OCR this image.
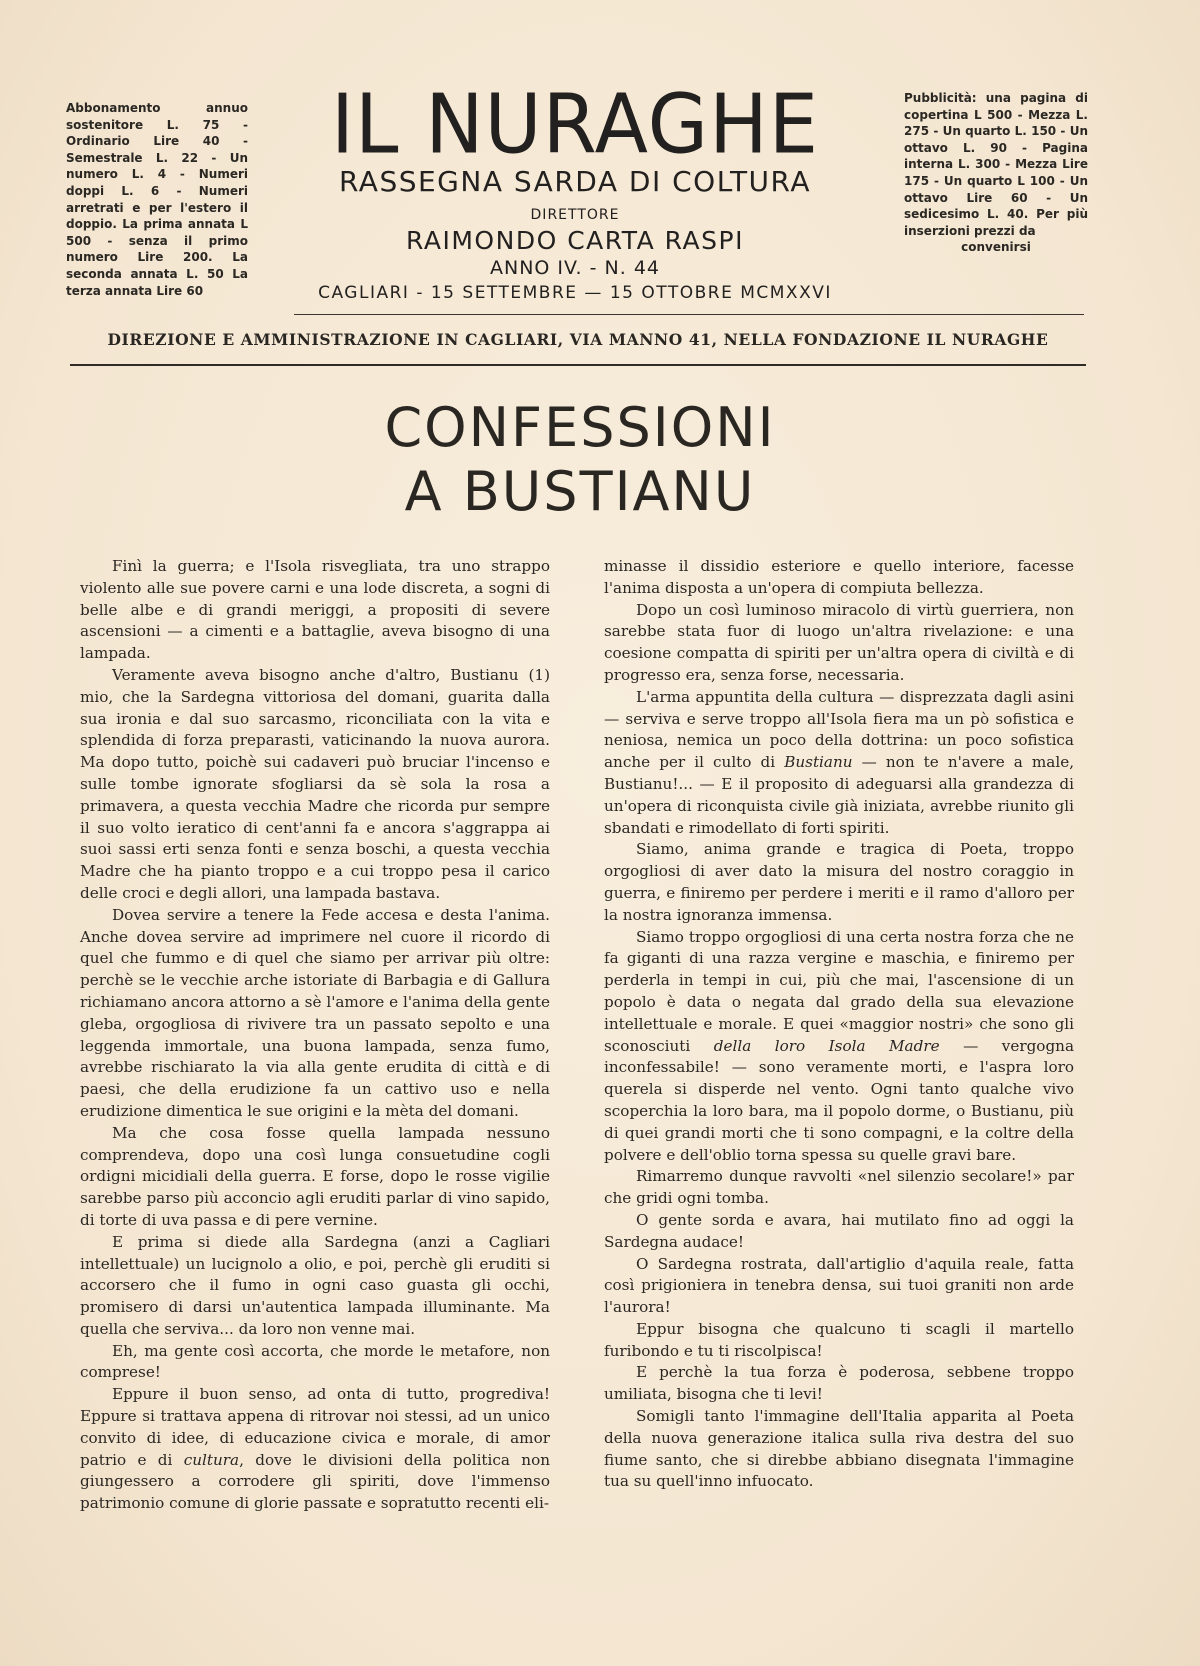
Abbonamento annuo sostenitore L. 75 - Ordinario Lire 40 - Semestrale L. 22 - Un numero L. 4 - Numeri doppi L. 6 - Numeri arretrati e per l'estero il doppio. La prima annata L 500 - senza il primo numero Lire 200. La seconda annata L. 50 La terza annata Lire 60
IL NURAGHE
RASSEGNA SARDA DI COLTURA
DIRETTORE
RAIMONDO CARTA RASPI
ANNO IV. - N. 44
CAGLIARI - 15 SETTEMBRE — 15 OTTOBRE MCMXXVI
Pubblicità: una pagina di copertina L 500 - Mezza L. 275 - Un quarto L. 150 - Un ottavo L. 90 - Pagina interna L. 300 - Mezza Lire 175 - Un quarto L 100 - Un ottavo Lire 60 - Un sedicesimo L. 40. Per più inserzioni prezzi da
convenirsi
DIREZIONE E AMMINISTRAZIONE IN CAGLIARI, VIA MANNO 41, NELLA FONDAZIONE IL NURAGHE
CONFESSIONI
A BUSTIANU

Finì la guerra; e l'Isola risvegliata, tra uno strappo violento alle sue povere carni e una lode discreta, a sogni di belle albe e di grandi meriggi, a propositi di severe ascensioni — a cimenti e a battaglie, aveva bisogno di una lampada.

Veramente aveva bisogno anche d'altro, Bustianu (1) mio, che la Sardegna vittoriosa del domani, guarita dalla sua ironia e dal suo sarcasmo, riconciliata con la vita e splendida di forza preparasti, vaticinando la nuova aurora. Ma dopo tutto, poichè sui cadaveri può bruciar l'incenso e sulle tombe ignorate sfogliarsi da sè sola la rosa a primavera, a questa vecchia Madre che ricorda pur sempre il suo volto ieratico di cent'anni fa e ancora s'aggrappa ai suoi sassi erti senza fonti e senza boschi, a questa vecchia Madre che ha pianto troppo e a cui troppo pesa il carico delle croci e degli allori, una lampada bastava.

Dovea servire a tenere la Fede accesa e desta l'anima. Anche dovea servire ad imprimere nel cuore il ricordo di quel che fummo e di quel che siamo per arrivar più oltre: perchè se le vecchie arche istoriate di Barbagia e di Gallura richiamano ancora attorno a sè l'amore e l'anima della gente gleba, orgogliosa di rivivere tra un passato sepolto e una leggenda immortale, una buona lampada, senza fumo, avrebbe rischiarato la via alla gente erudita di città e di paesi, che della erudizione fa un cattivo uso e nella erudizione dimentica le sue origini e la mèta del domani.

Ma che cosa fosse quella lampada nessuno comprendeva, dopo una così lunga consuetudine cogli ordigni micidiali della guerra. E forse, dopo le rosse vigilie sarebbe parso più acconcio agli eruditi parlar di vino sapido, di torte di uva passa e di pere vernine.

E prima si diede alla Sardegna (anzi a Cagliari intellettuale) un lucignolo a olio, e poi, perchè gli eruditi si accorsero che il fumo in ogni caso guasta gli occhi, promisero di darsi un'autentica lampada illuminante. Ma quella che serviva... da loro non venne mai.

Eh, ma gente così accorta, che morde le metafore, non comprese!

Eppure il buon senso, ad onta di tutto, progrediva! Eppure si trattava appena di ritrovar noi stessi, ad un unico convito di idee, di educazione civica e morale, di amor patrio e di cultura, dove le divisioni della politica non giungessero a corrodere gli spiriti, dove l'immenso patrimonio comune di glorie passate e sopratutto recenti eli-

minasse il dissidio esteriore e quello interiore, facesse l'anima disposta a un'opera di compiuta bellezza.

Dopo un così luminoso miracolo di virtù guerriera, non sarebbe stata fuor di luogo un'altra rivelazione: e una coesione compatta di spiriti per un'altra opera di civiltà e di progresso era, senza forse, necessaria.

L'arma appuntita della cultura — disprezzata dagli asini — serviva e serve troppo all'Isola fiera ma un pò sofistica e neniosa, nemica un poco della dottrina: un poco sofistica anche per il culto di Bustianu — non te n'avere a male, Bustianu!... — E il proposito di adeguarsi alla grandezza di un'opera di riconquista civile già iniziata, avrebbe riunito gli sbandati e rimodellato di forti spiriti.

Siamo, anima grande e tragica di Poeta, troppo orgogliosi di aver dato la misura del nostro coraggio in guerra, e finiremo per perdere i meriti e il ramo d'alloro per la nostra ignoranza immensa.

Siamo troppo orgogliosi di una certa nostra forza che ne fa giganti di una razza vergine e maschia, e finiremo per perderla in tempi in cui, più che mai, l'ascensione di un popolo è data o negata dal grado della sua elevazione intellettuale e morale. E quei «maggior nostri» che sono gli sconosciuti della loro Isola Madre — vergogna inconfessabile! — sono veramente morti, e l'aspra loro querela si disperde nel vento. Ogni tanto qualche vivo scoperchia la loro bara, ma il popolo dorme, o Bustianu, più di quei grandi morti che ti sono compagni, e la coltre della polvere e dell'oblio torna spessa su quelle gravi bare.

Rimarremo dunque ravvolti «nel silenzio secolare!» par che gridi ogni tomba.

O gente sorda e avara, hai mutilato fino ad oggi la Sardegna audace!

O Sardegna rostrata, dall'artiglio d'aquila reale, fatta così prigioniera in tenebra densa, sui tuoi graniti non arde l'aurora!

Eppur bisogna che qualcuno ti scagli il martello furibondo e tu ti riscolpisca!

E perchè la tua forza è poderosa, sebbene troppo umiliata, bisogna che ti levi!

Somigli tanto l'immagine dell'Italia apparita al Poeta della nuova generazione italica sulla riva destra del suo fiume santo, che si direbbe abbiano disegnata l'immagine tua su quell'inno infuocato.
